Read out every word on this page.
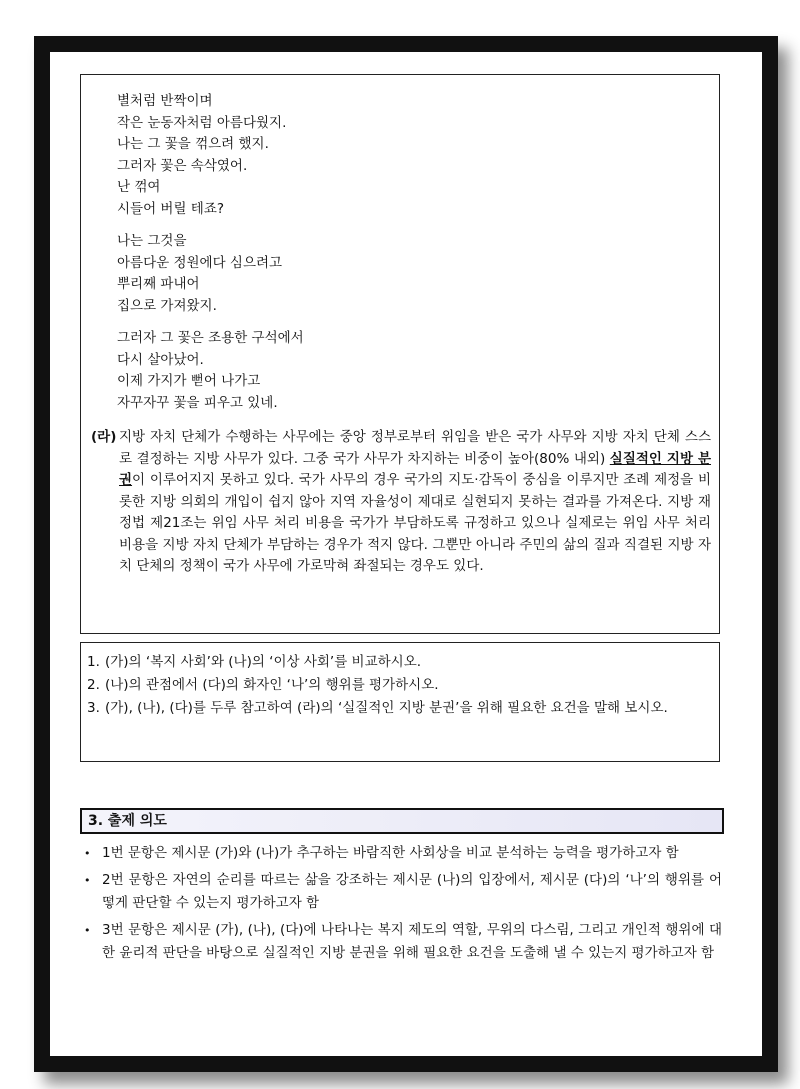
별처럼 반짝이며
작은 눈동자처럼 아름다웠지.
나는 그 꽃을 꺾으려 했지.
그러자 꽃은 속삭였어.
난 꺾여
시들어 버릴 테죠?
나는 그것을
아름다운 정원에다 심으려고
뿌리째 파내어
집으로 가져왔지.
그러자 그 꽃은 조용한 구석에서
다시 살아났어.
이제 가지가 뻗어 나가고
자꾸자꾸 꽃을 피우고 있네.
(라) 지방 자치 단체가 수행하는 사무에는 중앙 정부로부터 위임을 받은 국가 사무와 지방 자치 단체 스스로 결정하는 지방 사무가 있다. 그중 국가 사무가 차지하는 비중이 높아(80% 내외) 실질적인 지방 분권이 이루어지지 못하고 있다. 국가 사무의 경우 국가의 지도·감독이 중심을 이루지만 조례 제정을 비롯한 지방 의회의 개입이 쉽지 않아 지역 자율성이 제대로 실현되지 못하는 결과를 가져온다. 지방 재정법 제21조는 위임 사무 처리 비용을 국가가 부담하도록 규정하고 있으나 실제로는 위임 사무 처리 비용을 지방 자치 단체가 부담하는 경우가 적지 않다. 그뿐만 아니라 주민의 삶의 질과 직결된 지방 자치 단체의 정책이 국가 사무에 가로막혀 좌절되는 경우도 있다.
1. (가)의 ‘복지 사회’와 (나)의 ‘이상 사회’를 비교하시오.
2. (나)의 관점에서 (다)의 화자인 ‘나’의 행위를 평가하시오.
3. (가), (나), (다)를 두루 참고하여 (라)의 ‘실질적인 지방 분권’을 위해 필요한 요건을 말해 보시오.
3. 출제 의도
• 1번 문항은 제시문 (가)와 (나)가 추구하는 바람직한 사회상을 비교 분석하는 능력을 평가하고자 함
• 2번 문항은 자연의 순리를 따르는 삶을 강조하는 제시문 (나)의 입장에서, 제시문 (다)의 ‘나’의 행위를 어떻게 판단할 수 있는지 평가하고자 함
• 3번 문항은 제시문 (가), (나), (다)에 나타나는 복지 제도의 역할, 무위의 다스림, 그리고 개인적 행위에 대한 윤리적 판단을 바탕으로 실질적인 지방 분권을 위해 필요한 요건을 도출해 낼 수 있는지 평가하고자 함
